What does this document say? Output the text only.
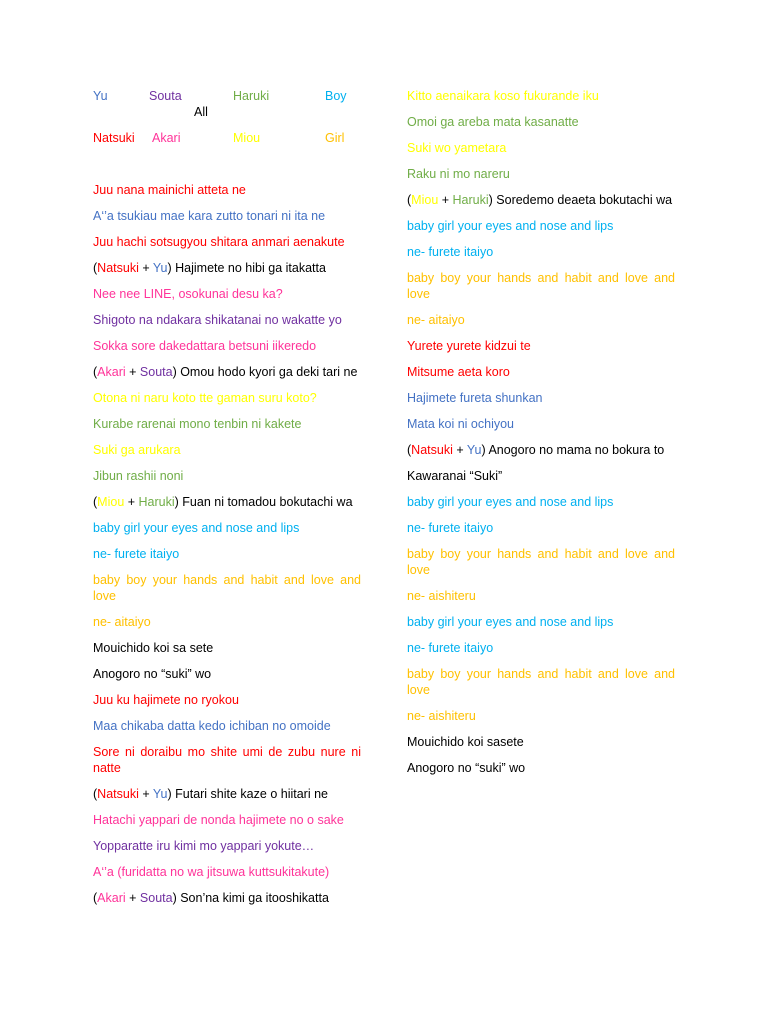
Yu	Souta	Haruki	Boy
All
Natsuki Akari	Miou	Girl
Juu nana mainichi atteta ne
A‘’a tsukiau mae kara zutto tonari ni ita ne
Juu hachi sotsugyou shitara anmari aenakute
(Natsuki + Yu) Hajimete no hibi ga itakatta
Nee nee LINE, osokunai desu ka?
Shigoto na ndakara shikatanai no wakatte yo
Sokka sore dakedattara betsuni iikeredo
(Akari + Souta) Omou hodo kyori ga deki tari ne
Otona ni naru koto tte gaman suru koto?
Kurabe rarenai mono tenbin ni kakete
Suki ga arukara
Jibun rashii noni
(Miou + Haruki) Fuan ni tomadou bokutachi wa
baby girl your eyes and nose and lips
ne- furete itaiyo
baby boy your hands and habit and love and love
ne- aitaiyo
Mouichido koi sa sete
Anogoro no “suki” wo
Juu ku hajimete no ryokou
Maa chikaba datta kedo ichiban no omoide
Sore ni doraibu mo shite umi de zubu nure ni natte
(Natsuki + Yu) Futari shite kaze o hiitari ne
Hatachi yappari de nonda hajimete no o sake
Yopparatte iru kimi mo yappari yokute…
A‘’a (furidatta no wa jitsuwa kuttsukitakute)
(Akari + Souta) Son’na kimi ga itooshikatta
Kitto aenaikara koso fukurande iku
Omoi ga areba mata kasanatte
Suki wo yametara
Raku ni mo nareru
(Miou + Haruki) Soredemo deaeta bokutachi wa
baby girl your eyes and nose and lips
ne- furete itaiyo
baby boy your hands and habit and love and love
ne- aitaiyo
Yurete yurete kidzui te
Mitsume aeta koro
Hajimete fureta shunkan
Mata koi ni ochiyou
(Natsuki + Yu) Anogoro no mama no bokura to
Kawaranai “Suki”
baby girl your eyes and nose and lips
ne- furete itaiyo
baby boy your hands and habit and love and love
ne- aishiteru
baby girl your eyes and nose and lips
ne- furete itaiyo
baby boy your hands and habit and love and love
ne- aishiteru
Mouichido koi sasete
Anogoro no “suki” wo
